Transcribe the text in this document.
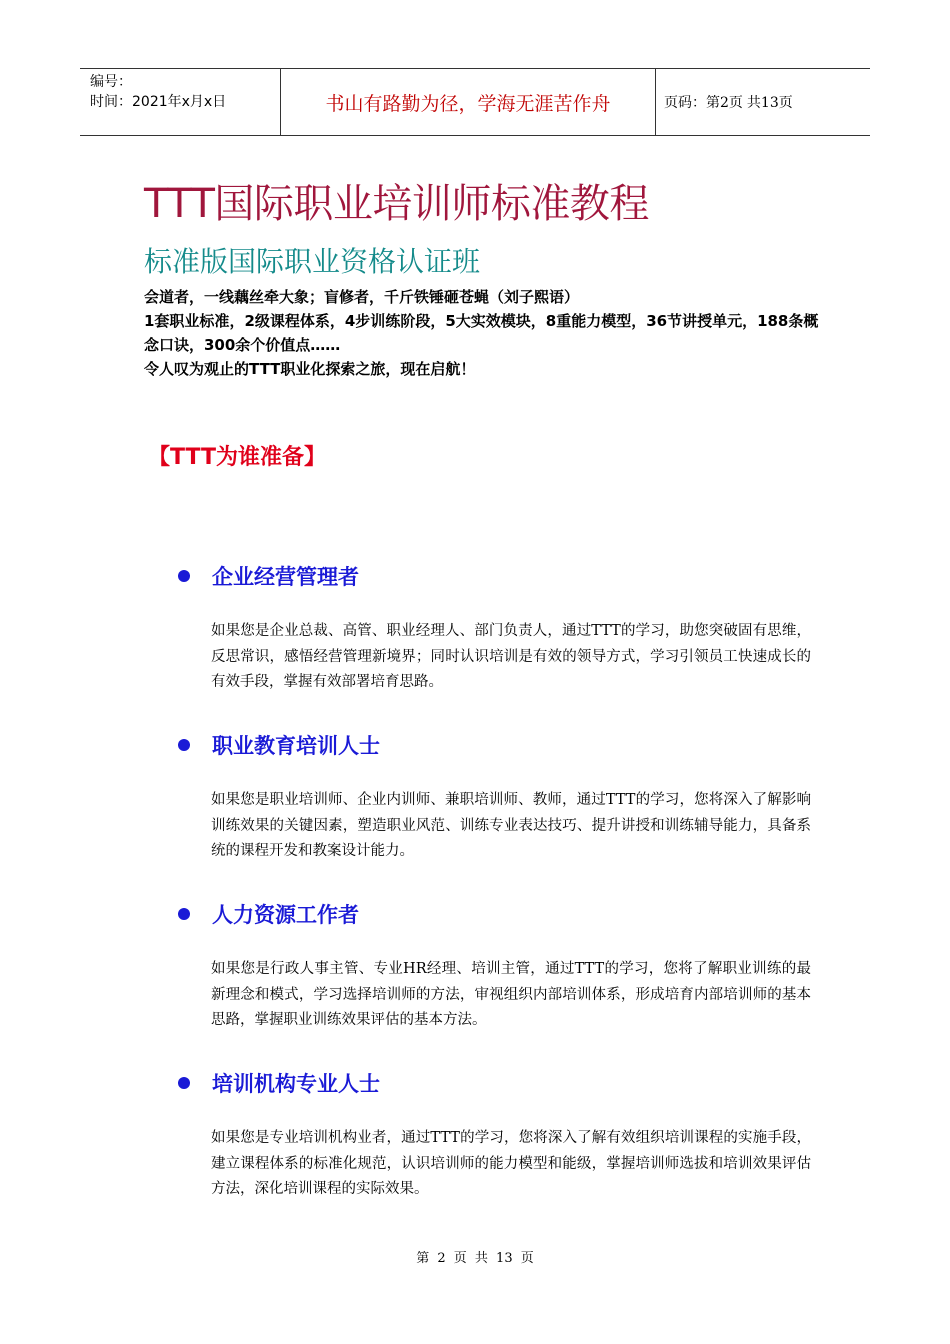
编号：
时间：2021年x月x日	书山有路勤为径，学海无涯苦作舟	页码：第2页 共13页
TTT国际职业培训师标准教程
标准版国际职业资格认证班

会道者，一线藕丝牵大象；盲修者，千斤铁锤砸苍蝇（刘子熙语）

1套职业标准，2级课程体系，4步训练阶段，5大实效模块，8重能力模型，36节讲授单元，188条概念口诀，300余个价值点……

令人叹为观止的TTT职业化探索之旅，现在启航！

【TTT为谁准备】
企业经营管理者
如果您是企业总裁、高管、职业经理人、部门负责人，通过TTT的学习，助您突破固有思维，反思常识，感悟经营管理新境界；同时认识培训是有效的领导方式，学习引领员工快速成长的有效手段，掌握有效部署培育思路。
职业教育培训人士
如果您是职业培训师、企业内训师、兼职培训师、教师，通过TTT的学习，您将深入了解影响训练效果的关键因素，塑造职业风范、训练专业表达技巧、提升讲授和训练辅导能力，具备系统的课程开发和教案设计能力。
人力资源工作者
如果您是行政人事主管、专业HR经理、培训主管，通过TTT的学习，您将了解职业训练的最新理念和模式，学习选择培训师的方法，审视组织内部培训体系，形成培育内部培训师的基本思路，掌握职业训练效果评估的基本方法。
培训机构专业人士
如果您是专业培训机构业者，通过TTT的学习，您将深入了解有效组织培训课程的实施手段，建立课程体系的标准化规范，认识培训师的能力模型和能级，掌握培训师选拔和培训效果评估方法，深化培训课程的实际效果。
第 2 页 共 13 页
